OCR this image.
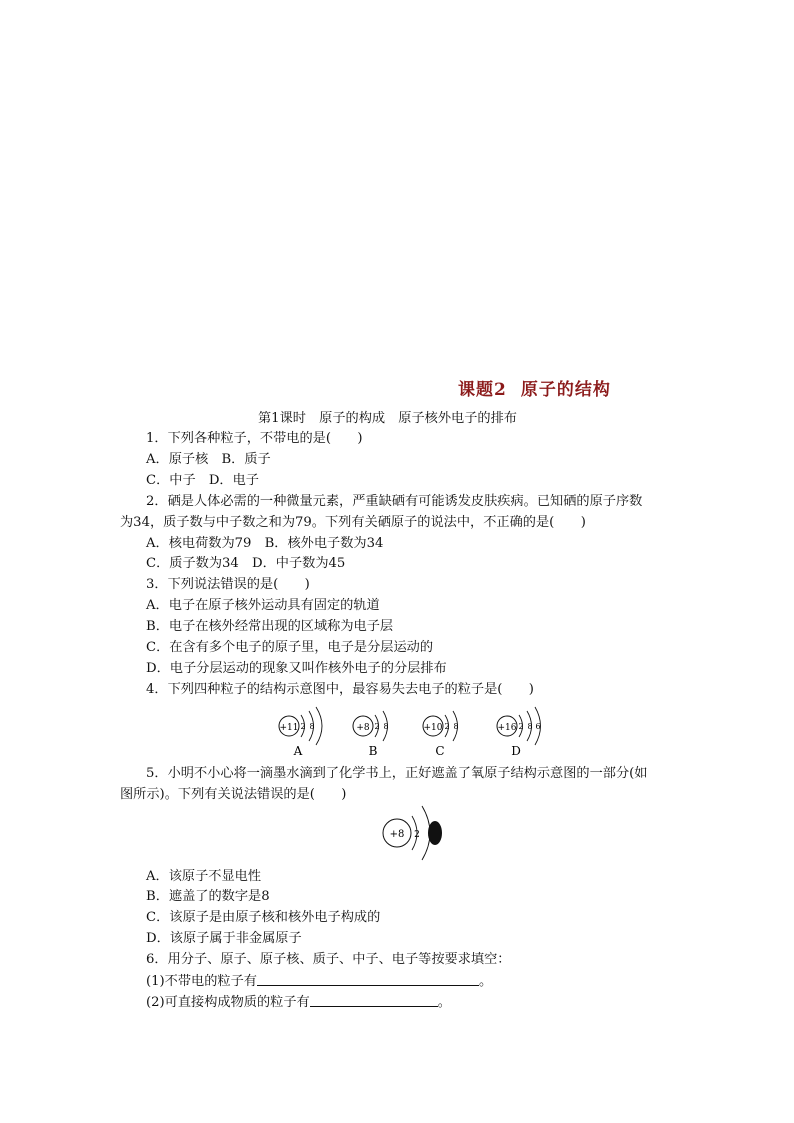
课题2 原子的结构
第1课时　原子的构成　原子核外电子的排布
1．下列各种粒子，不带电的是(　　)
A．原子核　B．质子
C．中子　D．电子
2．硒是人体必需的一种微量元素，严重缺硒有可能诱发皮肤疾病。已知硒的原子序数
为34，质子数与中子数之和为79。下列有关硒原子的说法中，不正确的是(　　)
A．核电荷数为79　B．核外电子数为34
C．质子数为34　D．中子数为45
3．下列说法错误的是(　　)
A．电子在原子核外运动具有固定的轨道
B．电子在核外经常出现的区域称为电子层
C．在含有多个电子的原子里，电子是分层运动的
D．电子分层运动的现象又叫作核外电子的分层排布
4．下列四种粒子的结构示意图中，最容易失去电子的粒子是(　　)
+11 2 8
A
+8 2 8
B
+10 2 8
C
+16 2 8 6
D
5．小明不小心将一滴墨水滴到了化学书上，正好遮盖了氧原子结构示意图的一部分(如
图所示)。下列有关说法错误的是(　　)
+8 2
A．该原子不显电性
B．遮盖了的数字是8
C．该原子是由原子核和核外电子构成的
D．该原子属于非金属原子
6．用分子、原子、原子核、质子、中子、电子等按要求填空：
(1)不带电的粒子有	。
(2)可直接构成物质的粒子有	。
